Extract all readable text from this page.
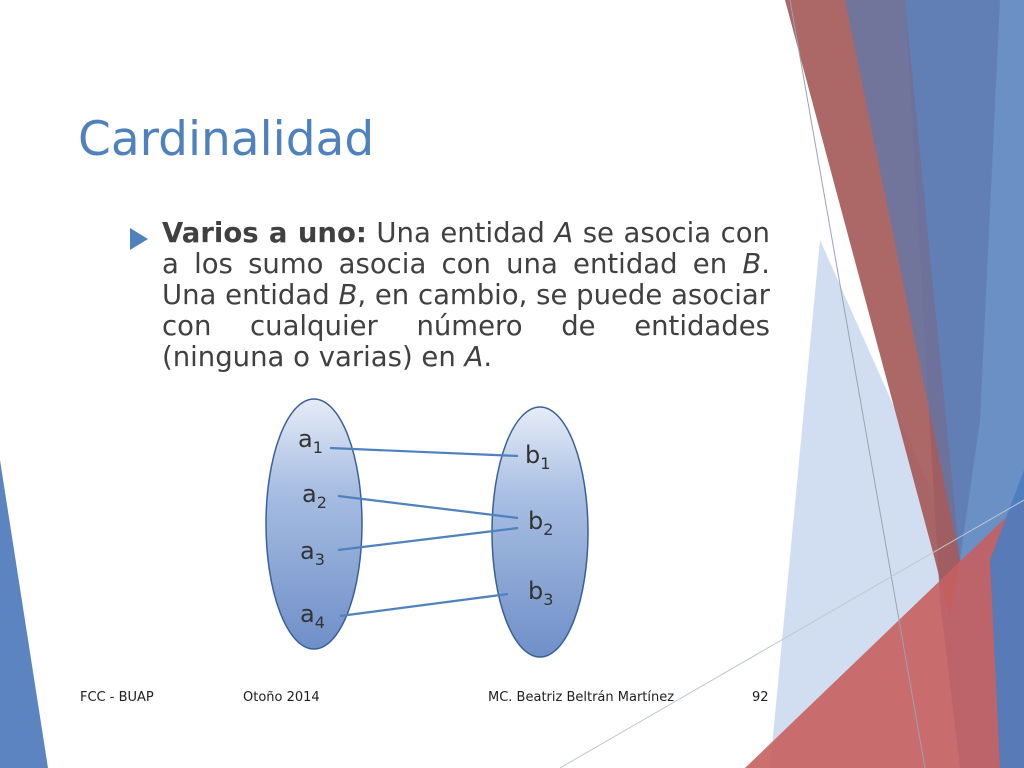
Cardinalidad
Varios a uno: Una entidad A se asocia con a los sumo asocia con una entidad en B. Una entidad B, en cambio, se puede asociar con cualquier número de entidades (ninguna o varias) en A.
$a_1$
$a_2$
$a_3$
$a_4$
$b_1$
$b_2$
$b_3$
FCC - BUAP	Otoño 2014	MC. Beatriz Beltrán Martínez	92
